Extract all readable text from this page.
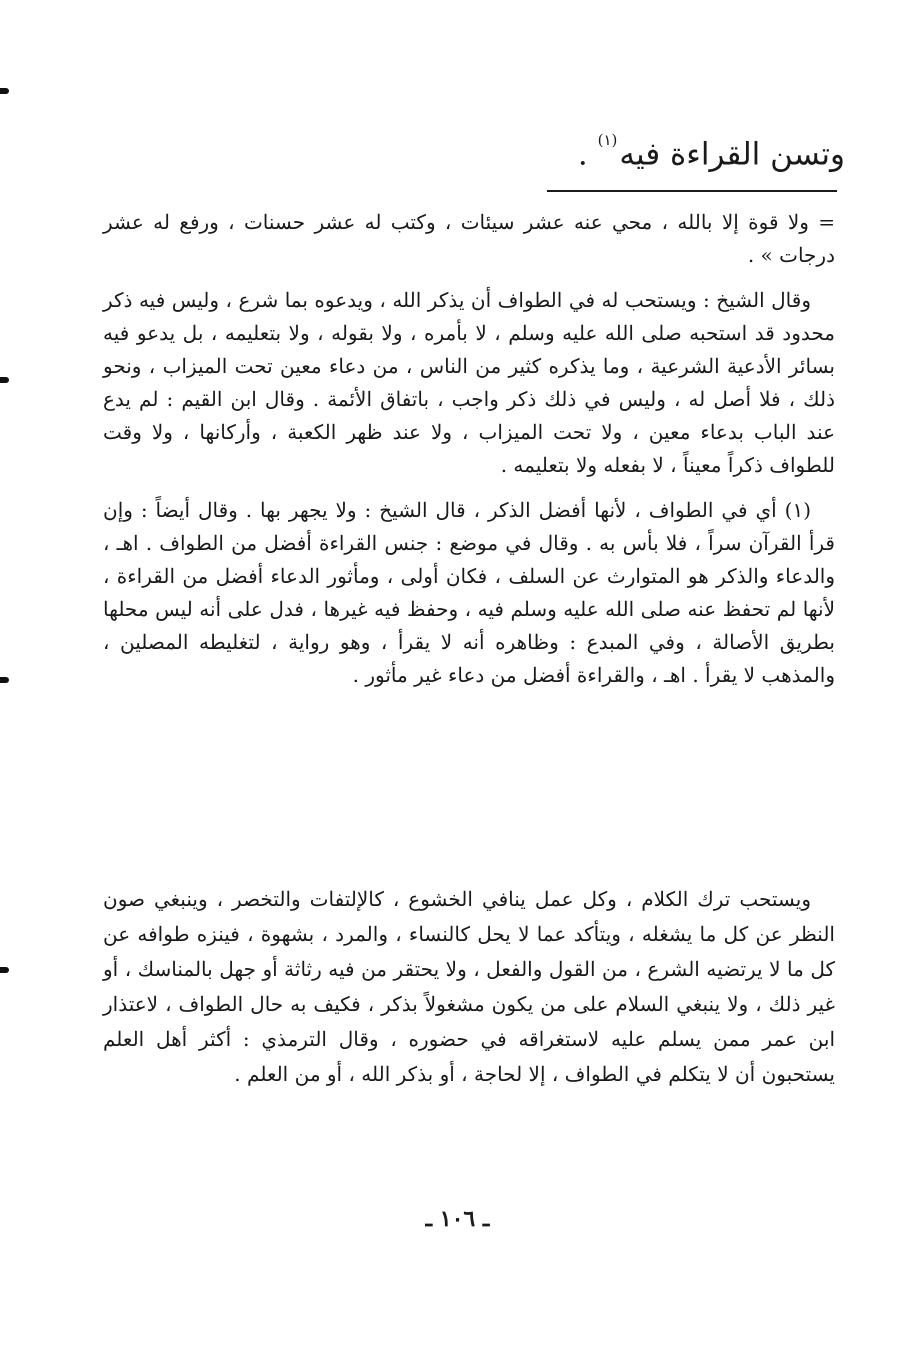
وتسن القراءة فيه$^{(١)}$ .

= ولا قوة إلا بالله ، محي عنه عشر سيئات ، وكتب له عشر حسنات ، ورفع له عشر درجات » .

وقال الشيخ : ويستحب له في الطواف أن يذكر الله ، ويدعوه بما شرع ، وليس فيه ذكر محدود قد استحبه صلى الله عليه وسلم ، لا بأمره ، ولا بقوله ، ولا بتعليمه ، بل يدعو فيه بسائر الأدعية الشرعية ، وما يذكره كثير من الناس ، من دعاء معين تحت الميزاب ، ونحو ذلك ، فلا أصل له ، وليس في ذلك ذكر واجب ، باتفاق الأئمة . وقال ابن القيم : لم يدع عند الباب بدعاء معين ، ولا تحت الميزاب ، ولا عند ظهر الكعبة ، وأركانها ، ولا وقت للطواف ذكراً معيناً ، لا بفعله ولا بتعليمه .

(١) أي في الطواف ، لأنها أفضل الذكر ، قال الشيخ : ولا يجهر بها . وقال أيضاً : وإن قرأ القرآن سراً ، فلا بأس به . وقال في موضع : جنس القراءة أفضل من الطواف . اهـ ، والدعاء والذكر هو المتوارث عن السلف ، فكان أولى ، ومأثور الدعاء أفضل من القراءة ، لأنها لم تحفظ عنه صلى الله عليه وسلم فيه ، وحفظ فيه غيرها ، فدل على أنه ليس محلها بطريق الأصالة ، وفي المبدع : وظاهره أنه لا يقرأ ، وهو رواية ، لتغليطه المصلين ، والمذهب لا يقرأ . اهـ ، والقراءة أفضل من دعاء غير مأثور .

ويستحب ترك الكلام ، وكل عمل ينافي الخشوع ، كالإلتفات والتخصر ، وينبغي صون النظر عن كل ما يشغله ، ويتأكد عما لا يحل كالنساء ، والمرد ، بشهوة ، فينزه طوافه عن كل ما لا يرتضيه الشرع ، من القول والفعل ، ولا يحتقر من فيه رثاثة أو جهل بالمناسك ، أو غير ذلك ، ولا ينبغي السلام على من يكون مشغولاً بذكر ، فكيف به حال الطواف ، لاعتذار ابن عمر ممن يسلم عليه لاستغراقه في حضوره ، وقال الترمذي : أكثر أهل العلم يستحبون أن لا يتكلم في الطواف ، إلا لحاجة ، أو بذكر الله ، أو من العلم .

ـ ١٠٦ ـ
